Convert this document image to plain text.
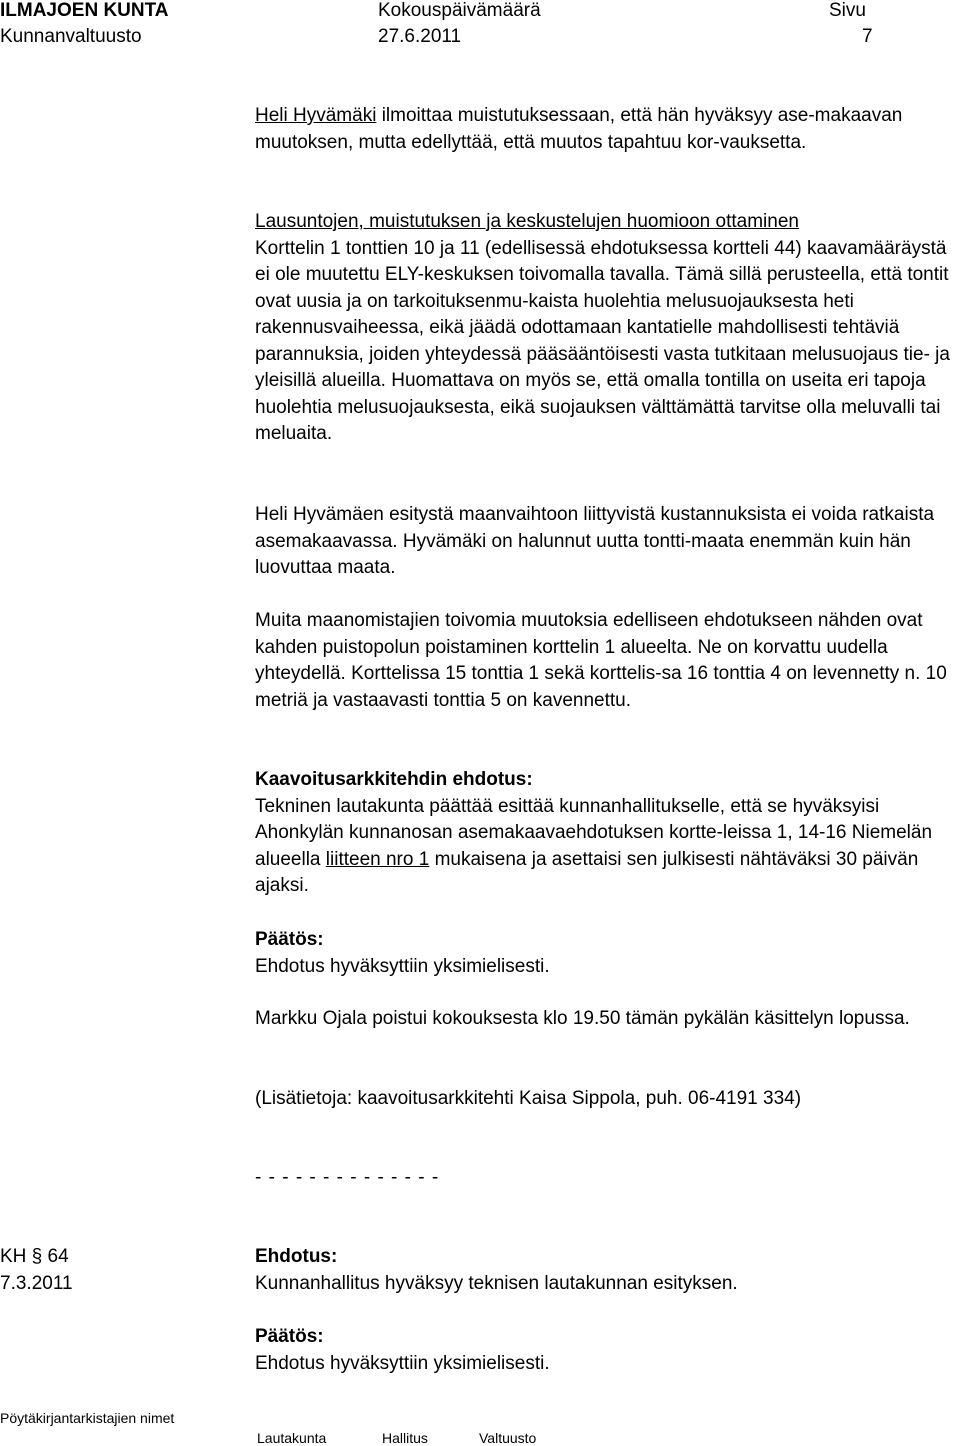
ILMAJOEN KUNTA
Kunnanvaltuusto
Kokouspäivämäärä
27.6.2011
Sivu
7

Heli Hyvämäki ilmoittaa muistutuksessaan, että hän hyväksyy ase-makaavan muutoksen, mutta edellyttää, että muutos tapahtuu kor-vauksetta.

Lausuntojen, muistutuksen ja keskustelujen huomioon ottaminen

Korttelin 1 tonttien 10 ja 11 (edellisessä ehdotuksessa kortteli 44) kaavamääräystä ei ole muutettu ELY-keskuksen toivomalla tavalla. Tämä sillä perusteella, että tontit ovat uusia ja on tarkoituksenmu-kaista huolehtia melusuojauksesta heti rakennusvaiheessa, eikä jäädä odottamaan kantatielle mahdollisesti tehtäviä parannuksia, joiden yhteydessä pääsääntöisesti vasta tutkitaan melusuojaus tie- ja yleisillä alueilla. Huomattava on myös se, että omalla tontilla on useita eri tapoja huolehtia melusuojauksesta, eikä suojauksen välttämättä tarvitse olla meluvalli tai meluaita.

Heli Hyvämäen esitystä maanvaihtoon liittyvistä kustannuksista ei voida ratkaista asemakaavassa. Hyvämäki on halunnut uutta tontti-maata enemmän kuin hän luovuttaa maata.

Muita maanomistajien toivomia muutoksia edelliseen ehdotukseen nähden ovat kahden puistopolun poistaminen korttelin 1 alueelta. Ne on korvattu uudella yhteydellä. Korttelissa 15 tonttia 1 sekä korttelis-sa 16 tonttia 4 on levennetty n. 10 metriä ja vastaavasti tonttia 5 on kavennettu.

Kaavoitusarkkitehdin ehdotus:

Tekninen lautakunta päättää esittää kunnanhallitukselle, että se hyväksyisi Ahonkylän kunnanosan asemakaavaehdotuksen kortte-leissa 1, 14-16 Niemelän alueella liitteen nro 1 mukaisena ja asettaisi sen julkisesti nähtäväksi 30 päivän ajaksi.

Päätös:

Ehdotus hyväksyttiin yksimielisesti.

Markku Ojala poistui kokouksesta klo 19.50 tämän pykälän käsittelyn lopussa.

(Lisätietoja: kaavoitusarkkitehti Kaisa Sippola, puh. 06-4191 334)

- - - - - - - - - - - - - -
KH § 64
7.3.2011

Ehdotus:

Kunnanhallitus hyväksyy teknisen lautakunnan esityksen.

Päätös:

Ehdotus hyväksyttiin yksimielisesti.

Pöytäkirjantarkistajien nimet
Lautakunta	Hallitus	Valtuusto
